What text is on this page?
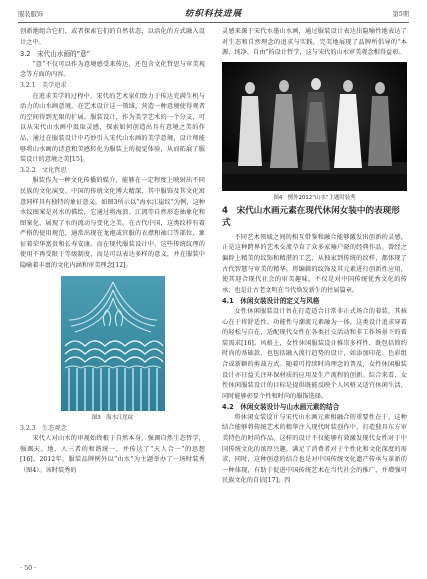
服装服饰	纺织科技进展	第5期

创新地组合它们，或者探索它们的自然状态，以活化的方式融入设计之中。

3.2　宋代山水画的“意”

“意”不仅可以作为意境感受来传达，还包含文化哲思与审美观念等方面的内容。

3.2.1　美学追求

在追求美学的过程中，宋代的艺术家们致力于传达充满生机与活力的山水画意境。在艺术设计这一领域，营造一种意境使得观者的空间得到无限的扩展。服装设计，作为美学艺术的一个分支，可以从宋代山水画中汲取灵感，探索如何创造出具有意境之美的作品，通过在服装设计中巧妙引入宋代山水画的美学意境，设计师能够将山水画的诗意和美感转化为服装上的视觉体验，从而拓展了服装设计的意境之美[15]。

3.2.2　文化哲思

服装作为一种文化传播的媒介，能够在一定程度上映射出不同民族的文化演变。中国的传统文化博大精深，其中服饰及其文化寓意同样具有独特的象征意义。如图3所示以“海水江崖纹”为例，这种水纹图案是对水的描绘，它通过将海浪、江流等自然形态抽象化和图案化，展现了水的流动与变化之美。在古代中国，这类纹样有着严格的使用规范，通常出现在龙袍或官服的衣襟和袖口等部位，象征着荣华富贵和长寿安康。而在现代服装设计中，这些传统纹理的使用不再受限于等级制度，而是可以表达多样的意义，并在服装中隐喻着丰富的文化内涵和审美理念[12]。

图3　海水江崖纹
3.2.3　生态观念

宋代人对山水的审视始终根于自然本身，强调自然生态哲学，强调天、地、人三者的和谐统一，并传达了“天人合一”的思想[16]。2012年，服装品牌例外以“山水”为主题举办了一场时装秀（图4）。该时装秀的

灵感来源于宋代水墨山水画，通过服装设计表达出隐喻性地表达了对生态和自然理念的追求与实践，完美地展现了品牌所倡导的“本源、纯净、自由”的设计哲学，这与宋代的山水审美观念相得益彰。

图4　例外2012“山水”主题时装秀
4　宋代山水画元素在现代休闲女装中的表现形式

不同艺术领域之间的相互借鉴和融合能够激发出创新的灵感，正是这种跨界的艺术交流孕育了众多家喻户晓的经典作品。曾经之偏辟上精美的纹饰和精湛的工艺，从独家到传统的纹样，都体现了古代智慧与审美的精华。将编辑的纹饰及其元素进行创新性应用，使其迎合现代社会的审美趣味，不仅是对中国传统优秀文化的传承，也是让古老文明在当代焕发新生的往届篇章。

4.1　休闲女装设计的定义与风格

女性休闲服装设计旨在打造适合日常非正式场合的着装，其核心在于将舒适性、功能性与潮流元素融为一体。这类设计追求穿着的轻松与自在，适配现代女性在各类社交活动和非工作场景下的着装需求[16]。风格上，女性休闲服装设计推崇多样性，既包括简约时尚的基础款，也包括融入流行趋势的设计，如添加印花、色彩组合或新颖的剪裁方式。随着可持续时尚理念的普及，女性休闲服装设计亦日益关注环保材质的应用及生产流程的创新。综合来看，女性休闲服装设计的目标是提供既能反映个人风格又适宜休闲生活，同时能够彰显个性和时尚的服饰选择。

4.2　休闲女装设计与山水画元素的结合

将休闲女装设计与宋代山水画元素相融合的重要性在于，这种结合能够将传统艺术的精华注入现代时装创作中，打造独具东方审美特色的时尚作品。这样的设计不仅能够有效激发现代女性对于中国传统文化的浓厚兴趣，满足了消费者对于个性化和文化深度的需求，同时，这种创意的结合也是对中国传统文化遗产传承与革新的一种体现，有助于促进中国传统艺术在当代社会的推广，并增强可民族文化的自信[17]。四

· 50 ·
